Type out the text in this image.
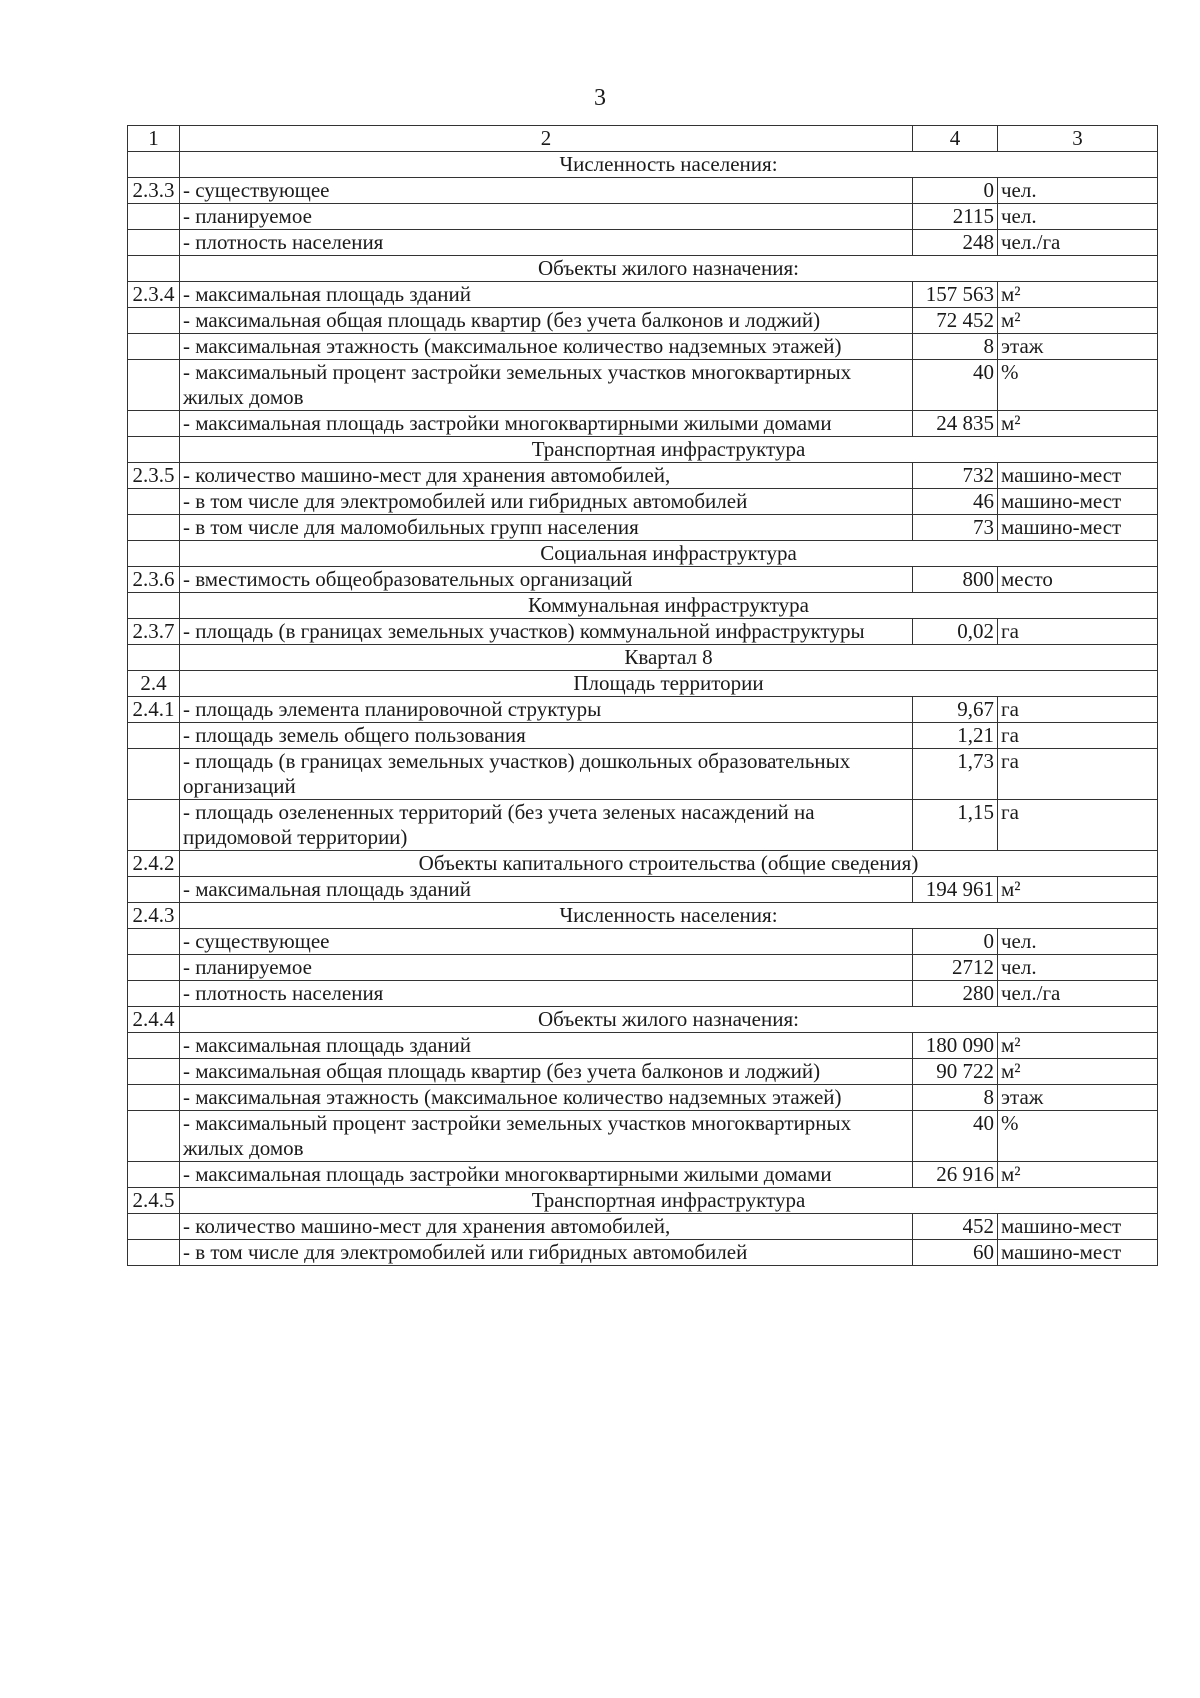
3
1	2	4	3
	Численность населения:		
2.3.3	- существующее	0	чел.
	- планируемое	2115	чел.
	- плотность населения	248	чел./га
	Объекты жилого назначения:		
2.3.4	- максимальная площадь зданий	157 563	м²
	- максимальная общая площадь квартир (без учета балконов и лоджий)	72 452	м²
	- максимальная этажность (максимальное количество надземных этажей)	8	этаж
	- максимальный процент застройки земельных участков многоквартирных жилых домов	40	%
	- максимальная площадь застройки многоквартирными жилыми домами	24 835	м²
	Транспортная инфраструктура		
2.3.5	- количество машино-мест для хранения автомобилей,	732	машино-мест
	- в том числе для электромобилей или гибридных автомобилей	46	машино-мест
	- в том числе для маломобильных групп населения	73	машино-мест
	Социальная инфраструктура		
2.3.6	- вместимость общеобразовательных организаций	800	место
	Коммунальная инфраструктура		
2.3.7	- площадь (в границах земельных участков) коммунальной инфраструктуры	0,02	га
	Квартал 8		
2.4	Площадь территории		
2.4.1	- площадь элемента планировочной структуры	9,67	га
	- площадь земель общего пользования	1,21	га
	- площадь (в границах земельных участков) дошкольных образовательных организаций	1,73	га
	- площадь озелененных территорий (без учета зеленых насаждений на придомовой территории)	1,15	га
2.4.2	Объекты капитального строительства (общие сведения)		
	- максимальная площадь зданий	194 961	м²
2.4.3	Численность населения:		
	- существующее	0	чел.
	- планируемое	2712	чел.
	- плотность населения	280	чел./га
2.4.4	Объекты жилого назначения:		
	- максимальная площадь зданий	180 090	м²
	- максимальная общая площадь квартир (без учета балконов и лоджий)	90 722	м²
	- максимальная этажность (максимальное количество надземных этажей)	8	этаж
	- максимальный процент застройки земельных участков многоквартирных жилых домов	40	%
	- максимальная площадь застройки многоквартирными жилыми домами	26 916	м²
2.4.5	Транспортная инфраструктура		
	- количество машино-мест для хранения автомобилей,	452	машино-мест
	- в том числе для электромобилей или гибридных автомобилей	60	машино-мест
